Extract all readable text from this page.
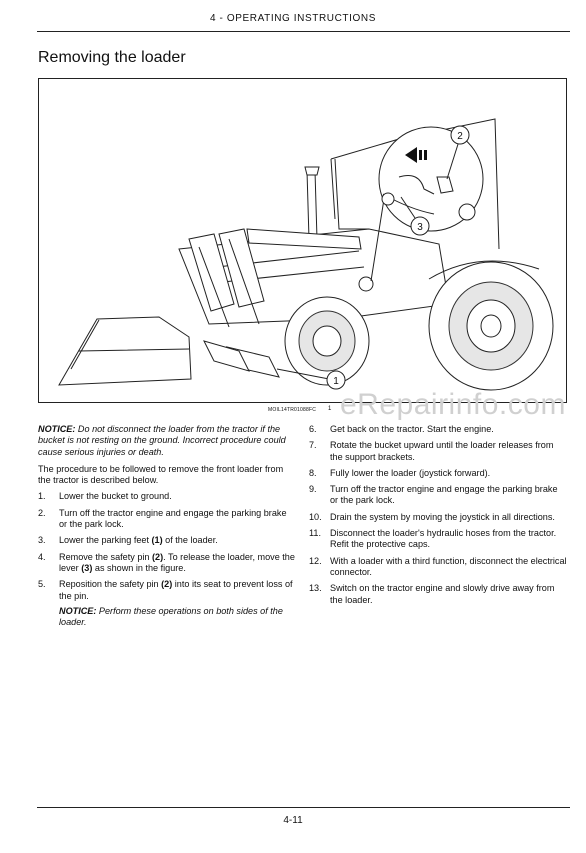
4 - OPERATING INSTRUCTIONS
Removing the loader
1
2
3
MOIL14TR01088FC 1 eRepairinfo.com

NOTICE: Do not disconnect the loader from the tractor if the bucket is not resting on the ground. Incorrect procedure could cause serious injuries or death.

The procedure to be followed to remove the front loader from the tractor is described below.

1. Lower the bucket to ground.
2. Turn off the tractor engine and engage the parking brake or the park lock.
3. Lower the parking feet (1) of the loader.
4. Remove the safety pin (2). To release the loader, move the lever (3) as shown in the figure.
5. Reposition the safety pin (2) into its seat to prevent loss of the pin.
NOTICE: Perform these operations on both sides of the loader.
6. Get back on the tractor. Start the engine.
7. Rotate the bucket upward until the loader releases from the support brackets.
8. Fully lower the loader (joystick forward).
9. Turn off the tractor engine and engage the parking brake or the park lock.
10. Drain the system by moving the joystick in all directions.
11. Disconnect the loader's hydraulic hoses from the tractor. Refit the protective caps.
12. With a loader with a third function, disconnect the electrical connector.
13. Switch on the tractor engine and slowly drive away from the loader.
4-11
